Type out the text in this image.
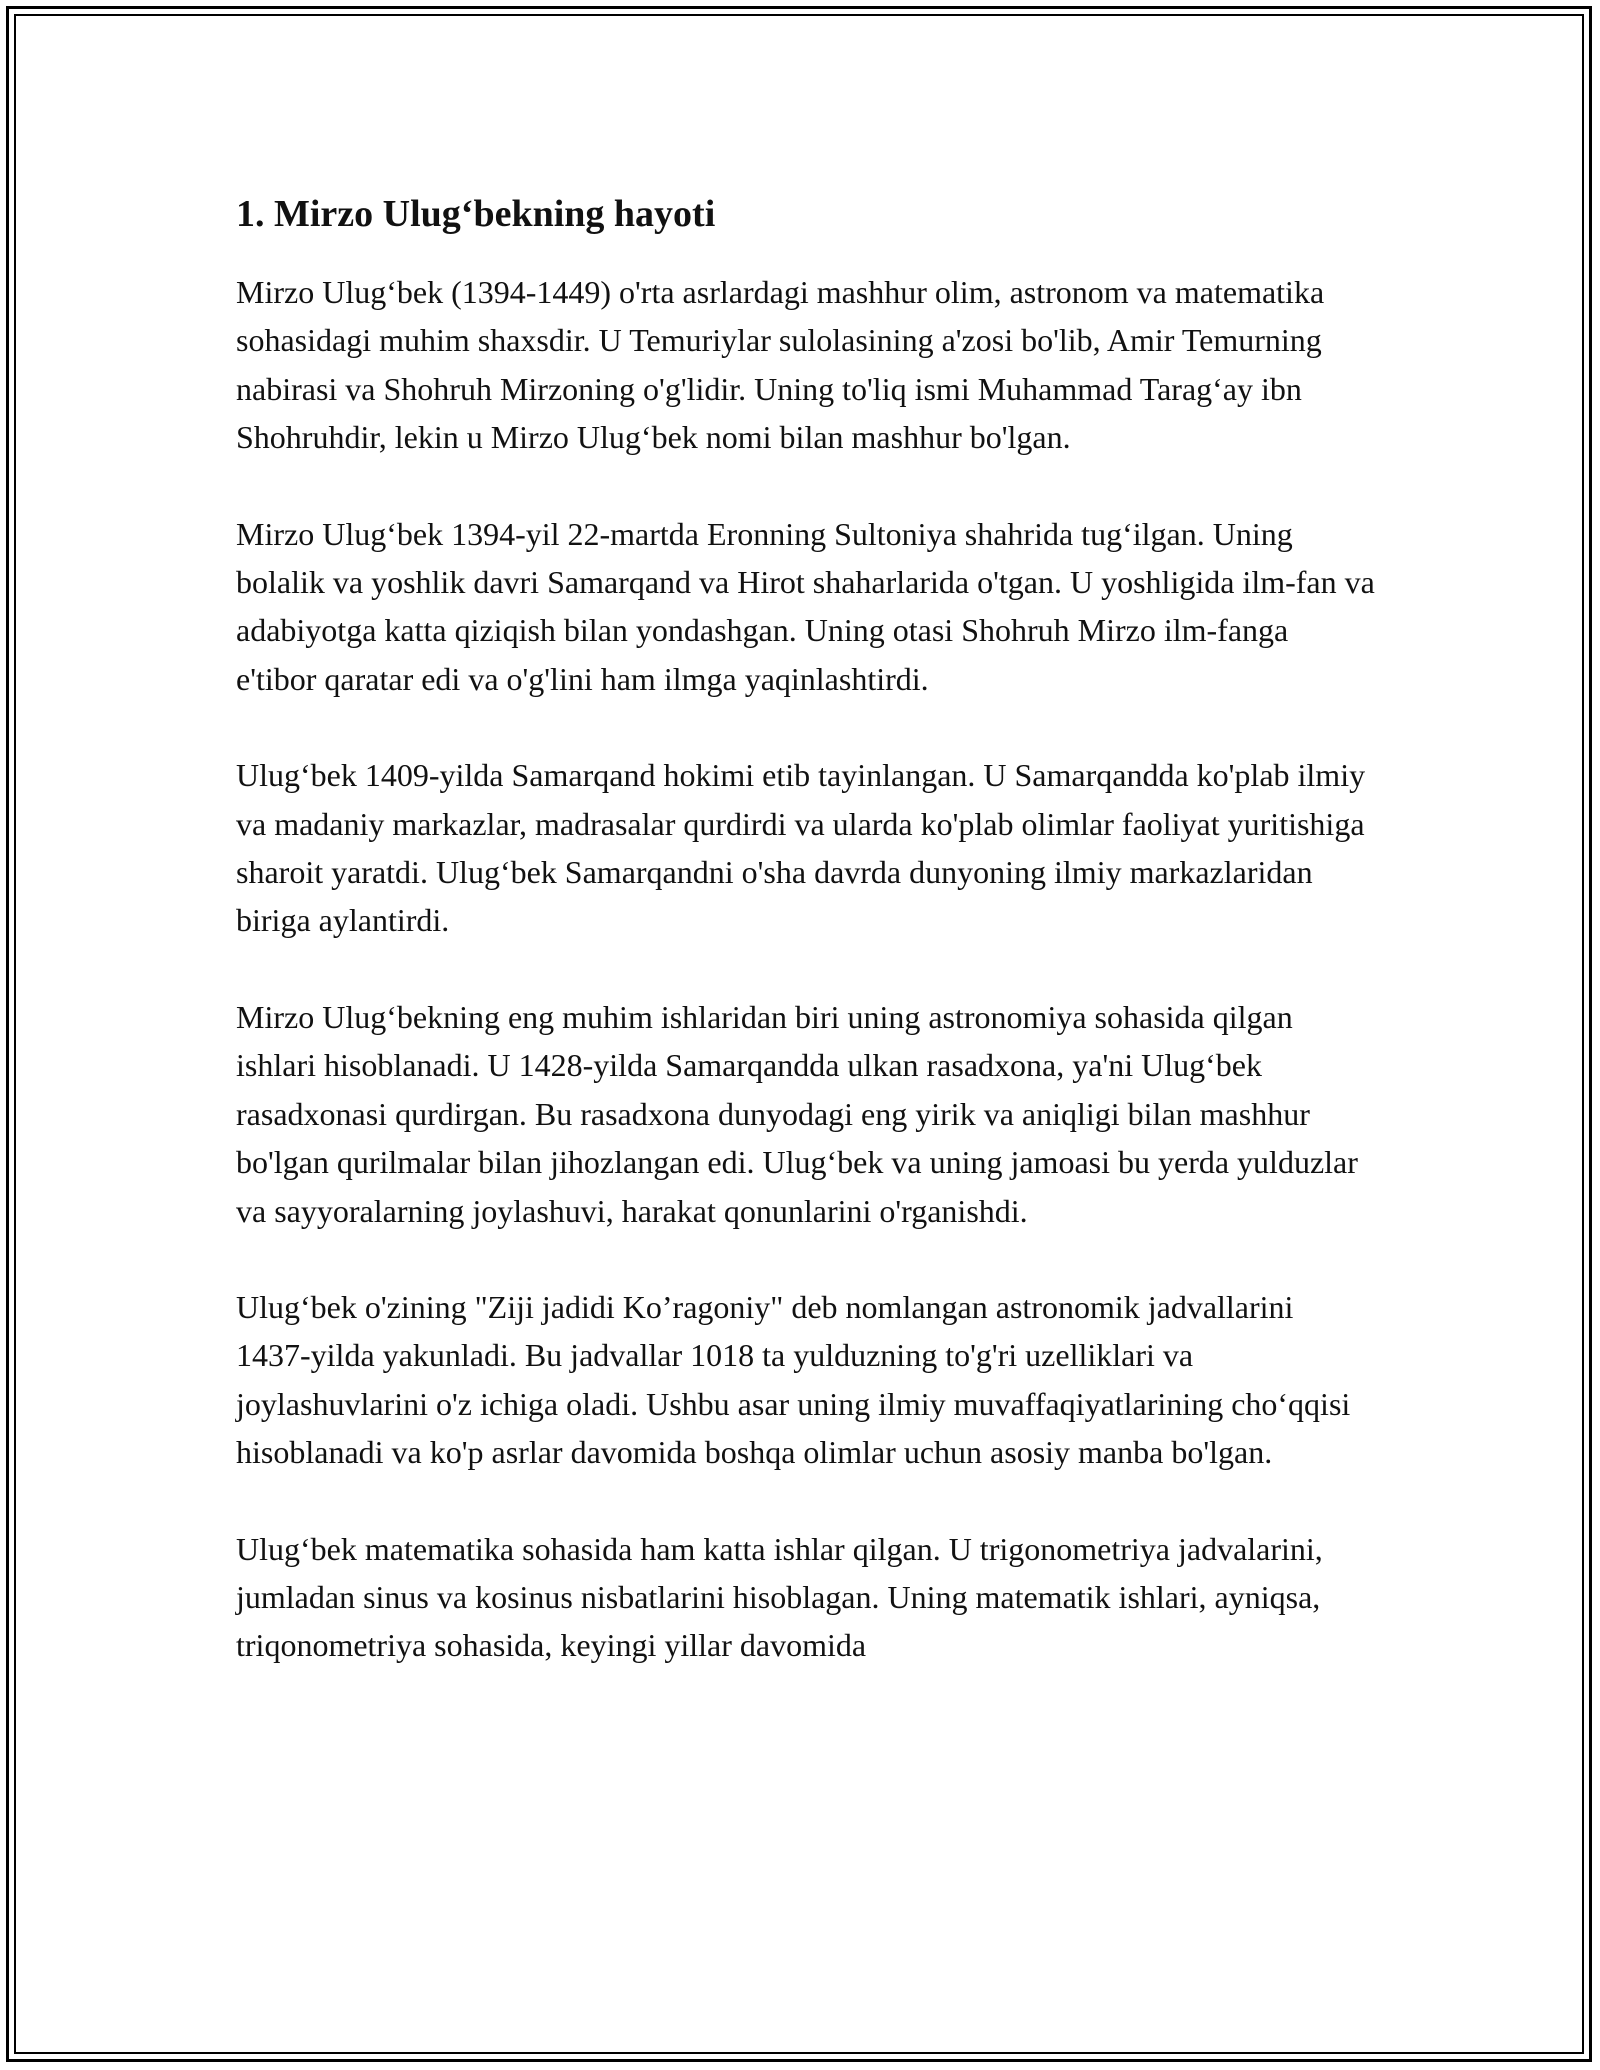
1. Mirzo Ulug‘bekning hayoti

Mirzo Ulug‘bek (1394-1449) o'rta asrlardagi mashhur olim, astronom va matematika sohasidagi muhim shaxsdir. U Temuriylar sulolasining a'zosi bo'lib, Amir Temurning nabirasi va Shohruh Mirzoning o'g'lidir. Uning to'liq ismi Muhammad Tarag‘ay ibn Shohruhdir, lekin u Mirzo Ulug‘bek nomi bilan mashhur bo'lgan.

Mirzo Ulug‘bek 1394-yil 22-martda Eronning Sultoniya shahrida tug‘ilgan. Uning bolalik va yoshlik davri Samarqand va Hirot shaharlarida o'tgan. U yoshligida ilm-fan va adabiyotga katta qiziqish bilan yondashgan. Uning otasi Shohruh Mirzo ilm-fanga e'tibor qaratar edi va o'g'lini ham ilmga yaqinlashtirdi.

Ulug‘bek 1409-yilda Samarqand hokimi etib tayinlangan. U Samarqandda ko'plab ilmiy va madaniy markazlar, madrasalar qurdirdi va ularda ko'plab olimlar faoliyat yuritishiga sharoit yaratdi. Ulug‘bek Samarqandni o'sha davrda dunyoning ilmiy markazlaridan biriga aylantirdi.

Mirzo Ulug‘bekning eng muhim ishlaridan biri uning astronomiya sohasida qilgan ishlari hisoblanadi. U 1428-yilda Samarqandda ulkan rasadxona, ya'ni Ulug‘bek rasadxonasi qurdirgan. Bu rasadxona dunyodagi eng yirik va aniqligi bilan mashhur bo'lgan qurilmalar bilan jihozlangan edi. Ulug‘bek va uning jamoasi bu yerda yulduzlar va sayyoralarning joylashuvi, harakat qonunlarini o'rganishdi.

Ulug‘bek o'zining "Ziji jadidi Ko’ragoniy" deb nomlangan astronomik jadvallarini 1437-yilda yakunladi. Bu jadvallar 1018 ta yulduzning to'g'ri uzelliklari va joylashuvlarini o'z ichiga oladi. Ushbu asar uning ilmiy muvaffaqiyatlarining cho‘qqisi hisoblanadi va ko'p asrlar davomida boshqa olimlar uchun asosiy manba bo'lgan.

Ulug‘bek matematika sohasida ham katta ishlar qilgan. U trigonometriya jadvalarini, jumladan sinus va kosinus nisbatlarini hisoblagan. Uning matematik ishlari, ayniqsa, triqonometriya sohasida, keyingi yillar davomida
